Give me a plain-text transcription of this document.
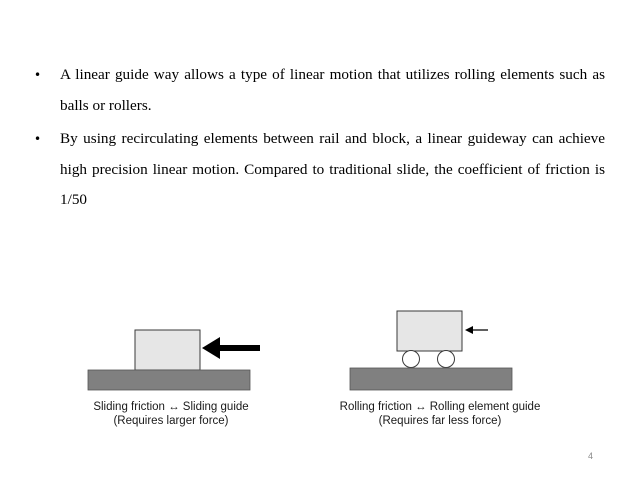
• A linear guide way allows a type of linear motion that utilizes rolling elements such as balls or rollers.
• By using recirculating elements between rail and block, a linear guideway can achieve high precision linear motion. Compared to traditional slide, the coefficient of friction is 1/50
Sliding friction ↔ Sliding guide
(Requires larger force)
Rolling friction ↔ Rolling element guide
(Requires far less force)
4
